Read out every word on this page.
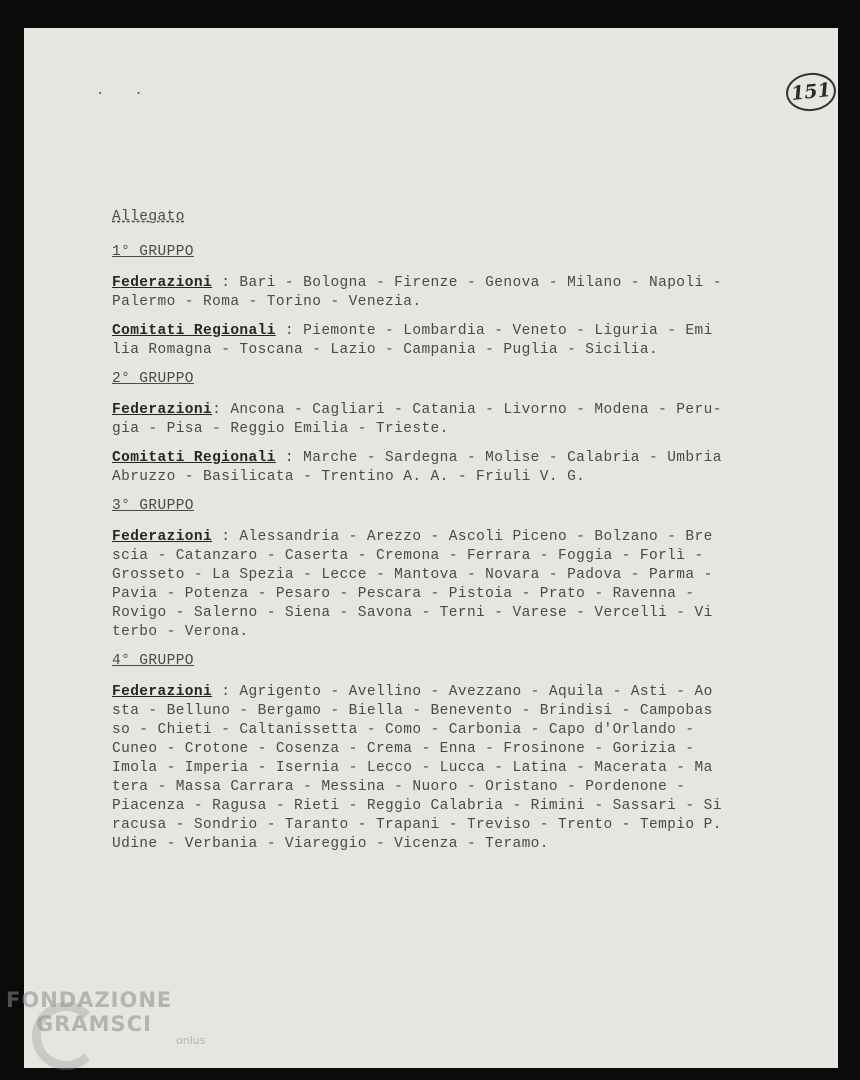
151
··
Allegato
1° GRUPPO
Federazioni : Bari - Bologna - Firenze - Genova - Milano - Napoli -
Palermo - Roma - Torino - Venezia.
Comitati Regionali : Piemonte - Lombardia - Veneto - Liguria - Emi
lia Romagna - Toscana - Lazio - Campania - Puglia - Sicilia.
2° GRUPPO
Federazioni: Ancona - Cagliari - Catania - Livorno - Modena - Peru-
gia - Pisa - Reggio Emilia - Trieste.
Comitati Regionali : Marche - Sardegna - Molise - Calabria - Umbria
Abruzzo - Basilicata - Trentino A. A. - Friuli V. G.
3° GRUPPO
Federazioni : Alessandria - Arezzo - Ascoli Piceno - Bolzano - Bre
scia - Catanzaro - Caserta - Cremona - Ferrara - Foggia - Forlì -
Grosseto - La Spezia - Lecce - Mantova - Novara - Padova - Parma -
Pavia - Potenza - Pesaro - Pescara - Pistoia - Prato - Ravenna -
Rovigo - Salerno - Siena - Savona - Terni - Varese - Vercelli - Vi
terbo - Verona.
4° GRUPPO
Federazioni : Agrigento - Avellino - Avezzano - Aquila - Asti - Ao
sta - Belluno - Bergamo - Biella - Benevento - Brindisi - Campobas
so - Chieti - Caltanissetta - Como - Carbonia - Capo d'Orlando -
Cuneo - Crotone - Cosenza - Crema - Enna - Frosinone - Gorizia -
Imola - Imperia - Isernia - Lecco - Lucca - Latina - Macerata - Ma
tera - Massa Carrara - Messina - Nuoro - Oristano - Pordenone -
Piacenza - Ragusa - Rieti - Reggio Calabria - Rimini - Sassari - Si
racusa - Sondrio - Taranto - Trapani - Treviso - Trento - Tempio P.
Udine - Verbania - Viareggio - Vicenza - Teramo.
FONDAZIONE
GRAMSCI
onlus
